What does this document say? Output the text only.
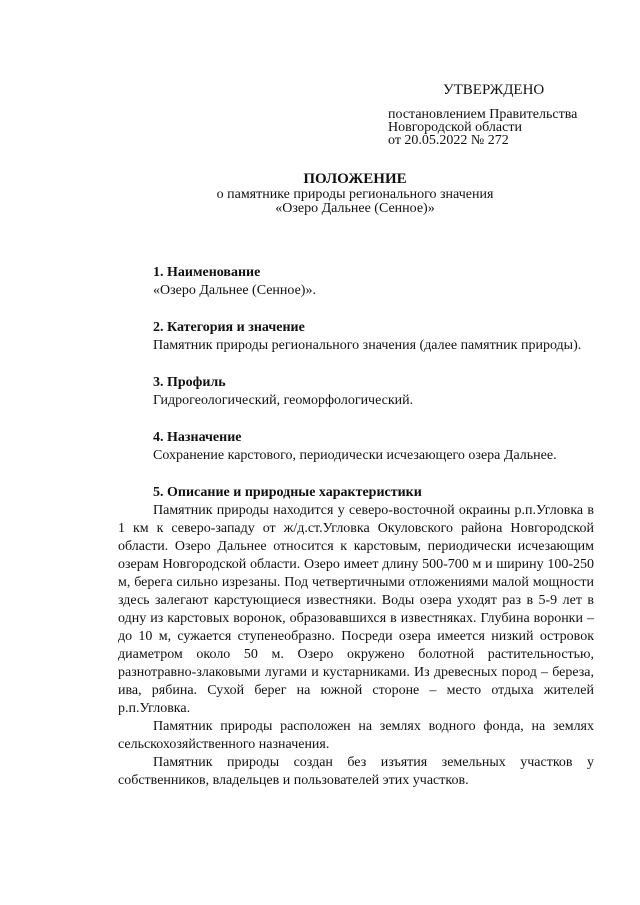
УТВЕРЖДЕНО
постановлением Правительства
Новгородской области
от 20.05.2022 № 272
ПОЛОЖЕНИЕ
о памятнике природы регионального значения
«Озеро Дальнее (Сенное)»
1. Наименование
«Озеро Дальнее (Сенное)».
2. Категория и значение
Памятник природы регионального значения (далее памятник природы).
3. Профиль
Гидрогеологический, геоморфологический.
4. Назначение
Сохранение карстового, периодически исчезающего озера Дальнее.
5. Описание и природные характеристики

Памятник природы находится у северо-восточной окраины р.п.Угловка в 1 км к северо-западу от ж/д.ст.Угловка Окуловского района Новгородской области. Озеро Дальнее относится к карстовым, периодически исчезающим озерам Новгородской области. Озеро имеет длину 500-700 м и ширину 100-250 м, берега сильно изрезаны. Под четвертичными отложениями малой мощности здесь залегают карстующиеся известняки. Воды озера уходят раз в 5-9 лет в одну из карстовых воронок, образовавшихся в известняках. Глубина воронки – до 10 м, сужается ступенеобразно. Посреди озера имеется низкий островок диаметром около 50 м. Озеро окружено болотной растительностью, разнотравно-злаковыми лугами и кустарниками. Из древесных пород – береза, ива, рябина. Сухой берег на южной стороне – место отдыха жителей р.п.Угловка.

Памятник природы расположен на землях водного фонда, на землях сельскохозяйственного назначения.

Памятник природы создан без изъятия земельных участков у собственников, владельцев и пользователей этих участков.
